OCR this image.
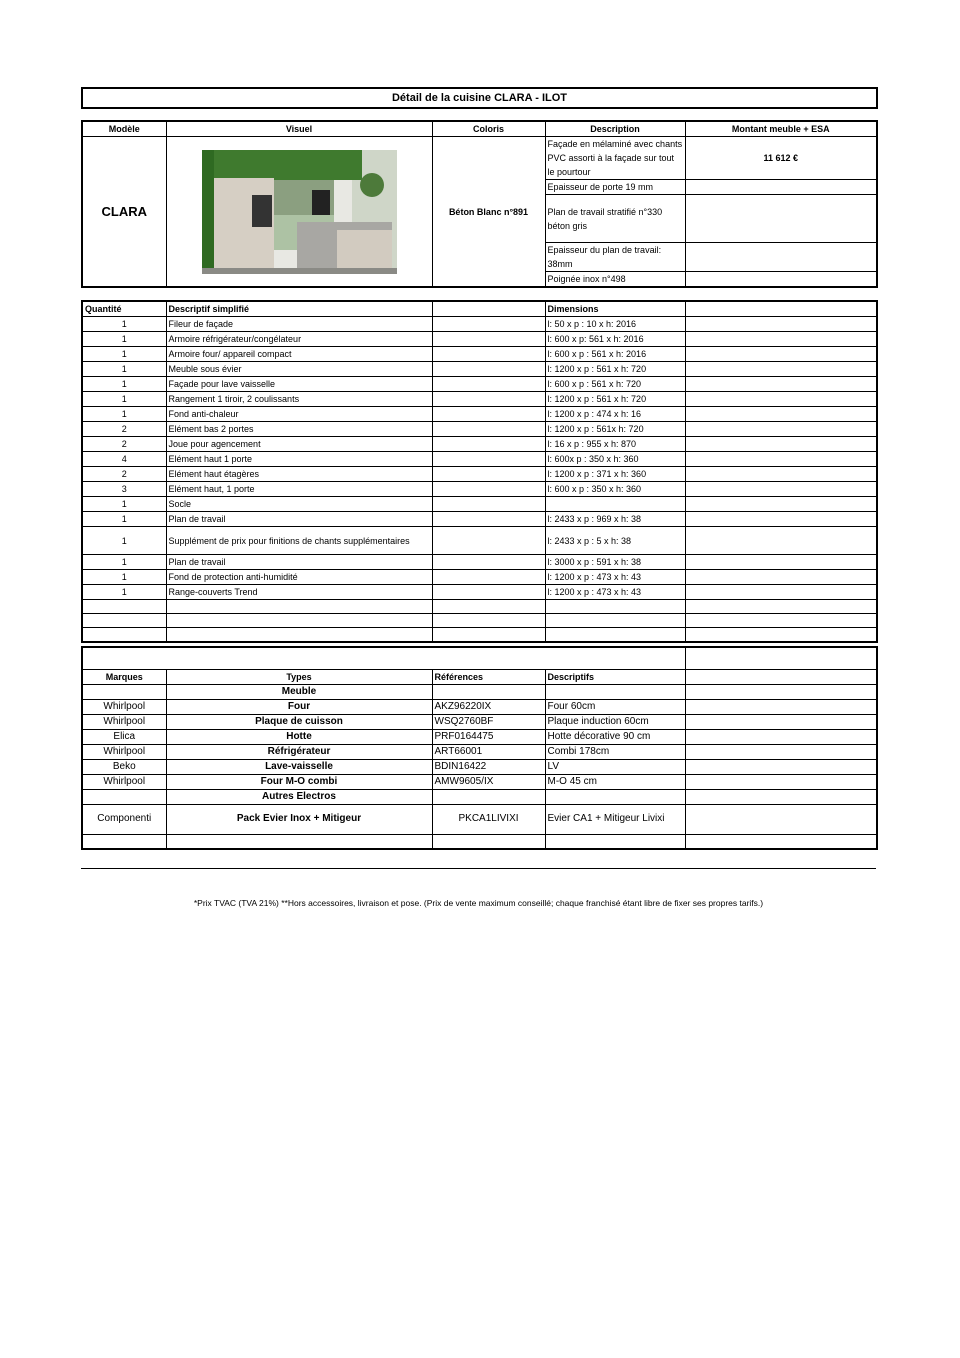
Détail de la cuisine CLARA - ILOT
Modèle	Visuel	Coloris	Description	Montant meuble + ESA
CLARA		Béton Blanc n°891	Façade en mélaminé avec chants PVC assorti à la façade sur tout le pourtour	11 612 €
			Epaisseur de porte 19 mm	
			Plan de travail stratifié n°330 béton gris	
			Epaisseur du plan de travail: 38mm	
			Poignée inox n°498	
Quantité	Descriptif simplifié		Dimensions	
1	Fileur de façade		l: 50 x p : 10 x h: 2016	
1	Armoire réfrigérateur/congélateur		l: 600 x p: 561 x h: 2016	
1	Armoire four/ appareil compact		l: 600 x p : 561 x h: 2016	
1	Meuble sous évier		l: 1200 x p : 561 x h: 720	
1	Façade pour lave vaisselle		l: 600 x p : 561 x h: 720	
1	Rangement 1 tiroir, 2 coulissants		l: 1200 x p : 561 x h: 720	
1	Fond anti-chaleur		l: 1200 x p : 474 x h: 16	
2	Elément bas 2 portes		l: 1200 x p : 561x h: 720	
2	Joue pour agencement		l: 16 x p : 955 x h: 870	
4	Elément haut 1 porte		l: 600x p : 350 x h: 360	
2	Elément haut étagères		l: 1200 x p : 371 x h: 360	
3	Elément haut, 1 porte		l: 600 x p : 350 x h: 360	
1	Socle			
1	Plan de travail		l: 2433 x p : 969 x h: 38	
1	Supplément de prix pour finitions de chants supplémentaires		l: 2433 x p : 5 x h: 38	
1	Plan de travail		l: 3000 x p : 591 x h: 38	
1	Fond de protection anti-humidité		l: 1200 x p : 473 x h: 43	
1	Range-couverts Trend		l: 1200 x p : 473 x h: 43	

Marques	Types	Références	Descriptifs	
	Meuble			
Whirlpool	Four	AKZ96220IX	Four 60cm	
Whirlpool	Plaque de cuisson	WSQ2760BF	Plaque induction 60cm	
Elica	Hotte	PRF0164475	Hotte décorative 90 cm	
Whirlpool	Réfrigérateur	ART66001	Combi 178cm	
Beko	Lave-vaisselle	BDIN16422	LV	
Whirlpool	Four M-O combi	AMW9605/IX	M-O 45 cm	
	Autres Electros			
Componenti	Pack Evier Inox + Mitigeur	PKCA1LIVIXI	Evier CA1 + Mitigeur Livixi	

*Prix TVAC (TVA 21%) **Hors accessoires, livraison et pose. (Prix de vente maximum conseillé; chaque franchisé étant libre de fixer ses propres tarifs.)
